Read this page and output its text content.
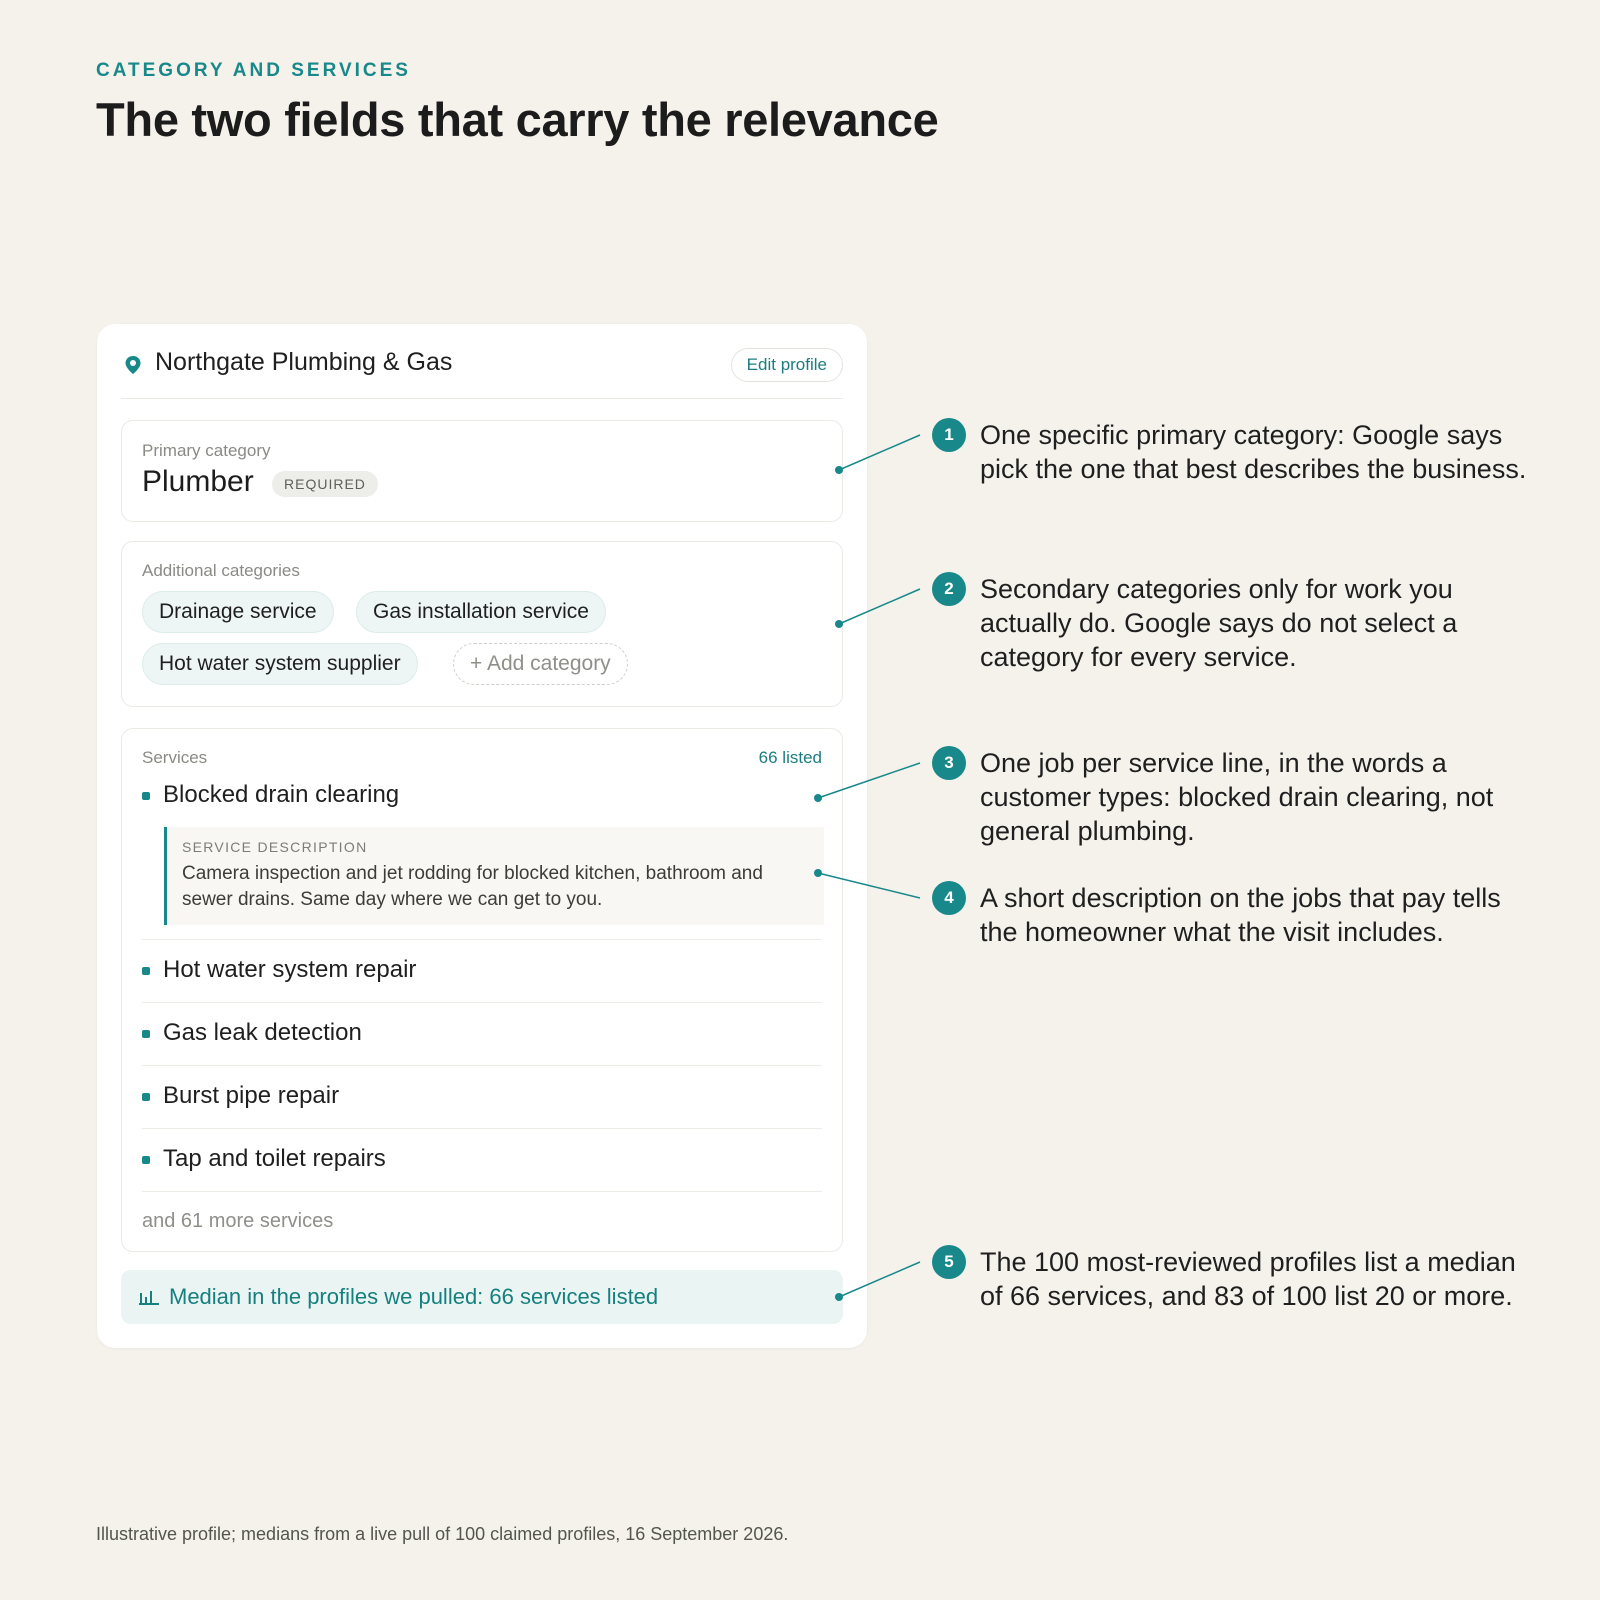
CATEGORY AND SERVICES
The two fields that carry the relevance
Northgate Plumbing & Gas	Edit profile
Primary category
Plumber	REQUIRED
Additional categories
Drainage service	Gas installation service
Hot water system supplier	+ Add category
Services	66 listed
Blocked drain clearing
SERVICE DESCRIPTION
Camera inspection and jet rodding for blocked kitchen, bathroom and sewer drains. Same day where we can get to you.
Hot water system repair
Gas leak detection
Burst pipe repair
Tap and toilet repairs
and 61 more services
Median in the profiles we pulled: 66 services listed
1 One specific primary category: Google says pick the one that best describes the business.
2 Secondary categories only for work you actually do. Google says do not select a category for every service.
3 One job per service line, in the words a customer types: blocked drain clearing, not general plumbing.
4 A short description on the jobs that pay tells the homeowner what the visit includes.
5 The 100 most-reviewed profiles list a median of 66 services, and 83 of 100 list 20 or more.
Illustrative profile; medians from a live pull of 100 claimed profiles, 16 September 2026.
